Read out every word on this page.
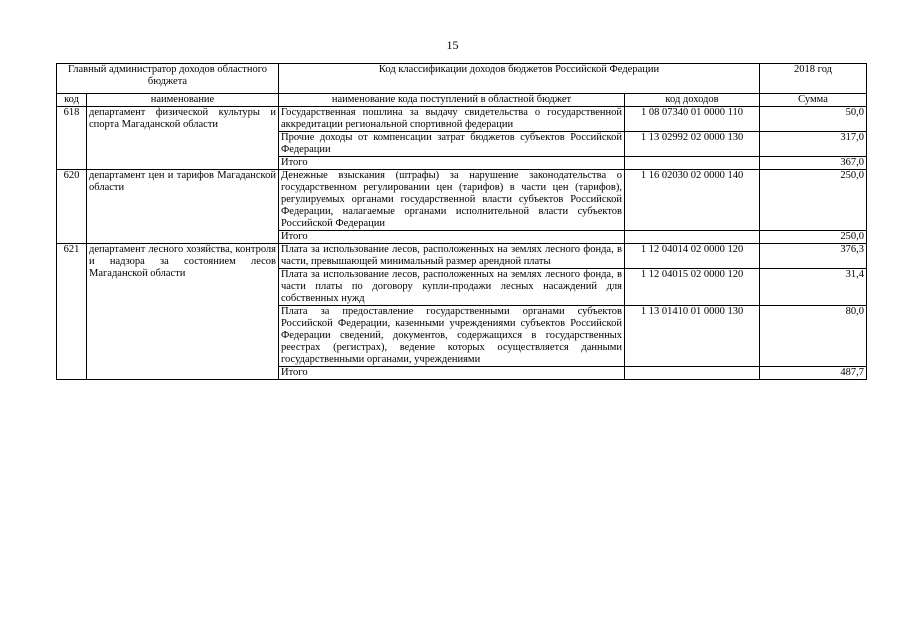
15
Главный администратор доходов областного бюджета		Код классификации доходов бюджетов Российской Федерации		2018 год
код	наименование	наименование кода поступлений в областной бюджет	код доходов	Сумма
618	департамент физической культуры и спорта Магаданской области	Государственная пошлина за выдачу свидетельства о государственной аккредитации региональной спортивной федерации	1 08 07340 01 0000 110	50,0
		Прочие доходы от компенсации затрат бюджетов субъектов Российской Федерации	1 13 02992 02 0000 130	317,0
		Итого		367,0
620	департамент цен и тарифов Магаданской области	Денежные взыскания (штрафы) за нарушение законодательства о государственном регулировании цен (тарифов) в части цен (тарифов), регулируемых органами государственной власти субъектов Российской Федерации, налагаемые органами исполнительной власти субъектов Российской Федерации	1 16 02030 02 0000 140	250,0
		Итого		250,0
621	департамент лесного хозяйства, контроля и надзора за состоянием лесов Магаданской области	Плата за использование лесов, расположенных на землях лесного фонда, в части, превышающей минимальный размер арендной платы	1 12 04014 02 0000 120	376,3
		Плата за использование лесов, расположенных на землях лесного фонда, в части платы по договору купли-продажи лесных насаждений для собственных нужд	1 12 04015 02 0000 120	31,4
		Плата за предоставление государственными органами субъектов Российской Федерации, казенными учреждениями субъектов Российской Федерации сведений, документов, содержащихся в государственных реестрах (регистрах), ведение которых осуществляется данными государственными органами, учреждениями	1 13 01410 01 0000 130	80,0
		Итого		487,7
